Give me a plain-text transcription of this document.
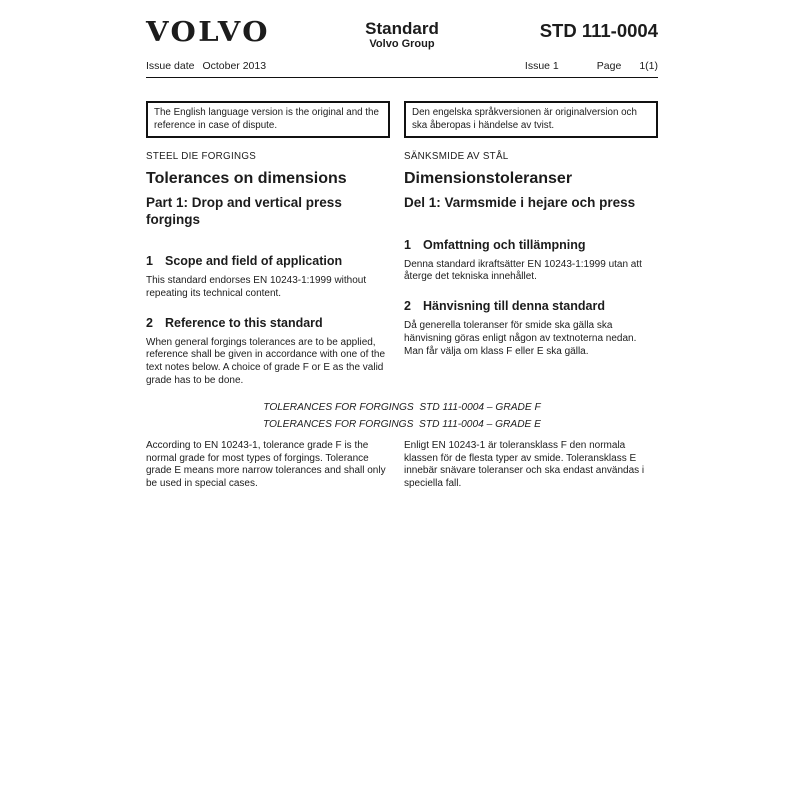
VOLVO	Standard
Volvo Group
STD 111-0004
Issue date October 2013	Issue 1	Page 1(1)
The English language version is the original and the reference in case of dispute.
Den engelska språkversionen är originalversion och ska åberopas i händelse av tvist.
STEEL DIE FORGINGS
Tolerances on dimensions
Part 1: Drop and vertical press forgings
1 Scope and field of application

This standard endorses EN 10243-1:1999 without repeating its technical content.

2 Reference to this standard

When general forgings tolerances are to be applied, reference shall be given in accordance with one of the text notes below. A choice of grade F or E as the valid grade has to be done.

SÄNKSMIDE AV STÅL
Dimensionstoleranser
Del 1: Varmsmide i hejare och press
1 Omfattning och tillämpning

Denna standard ikraftsätter EN 10243-1:1999 utan att återge det tekniska innehållet.

2 Hänvisning till denna standard

Då generella toleranser för smide ska gälla ska hänvisning göras enligt någon av textnoterna nedan. Man får välja om klass F eller E ska gälla.

TOLERANCES FOR FORGINGS  STD 111-0004 – GRADE F
TOLERANCES FOR FORGINGS  STD 111-0004 – GRADE E

According to EN 10243-1, tolerance grade F is the normal grade for most types of forgings. Tolerance grade E means more narrow tolerances and shall only be used in special cases.

Enligt EN 10243-1 är toleransklass F den normala klassen för de flesta typer av smide. Toleransklass E innebär snävare toleranser och ska endast användas i speciella fall.
